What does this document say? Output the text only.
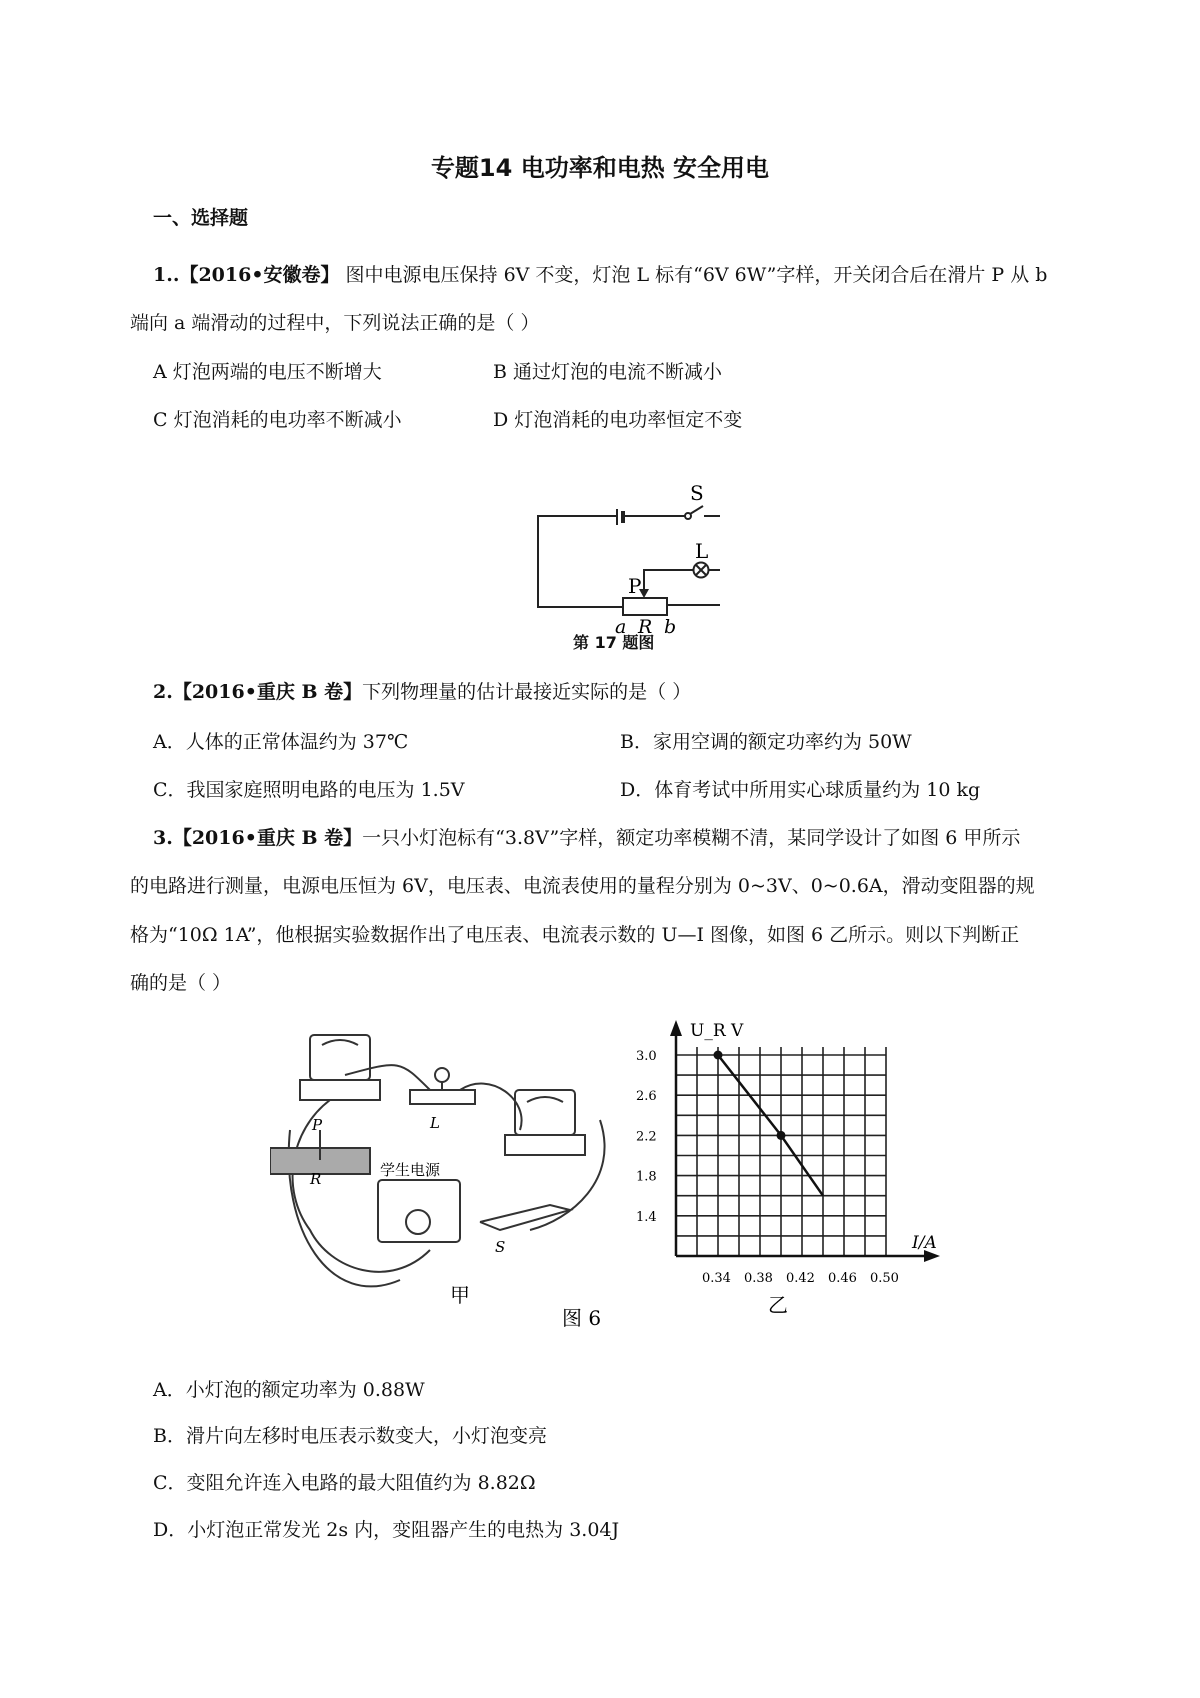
专题14 电功率和电热 安全用电
一、选择题
1..【2016•安徽卷】 图中电源电压保持 6V 不变，灯泡 L 标有“6V 6W”字样，开关闭合后在滑片 P 从 b
端向 a 端滑动的过程中，下列说法正确的是（ ）
A 灯泡两端的电压不断增大	B 通过灯泡的电流不断减小
C 灯泡消耗的电功率不断减小	D 灯泡消耗的电功率恒定不变
S
L
P
a R b
第 17 题图
2.【2016•重庆 B 卷】下列物理量的估计最接近实际的是（ ）
A．人体的正常体温约为 37℃	B．家用空调的额定功率约为 50W
C．我国家庭照明电路的电压为 1.5V	D．体育考试中所用实心球质量约为 10 kg
3.【2016•重庆 B 卷】一只小灯泡标有“3.8V”字样，额定功率模糊不清，某同学设计了如图 6 甲所示
的电路进行测量，电源电压恒为 6V，电压表、电流表使用的量程分别为 0~3V、0~0.6A，滑动变阻器的规
格为“10Ω 1A”，他根据实验数据作出了电压表、电流表示数的 U—I 图像，如图 6 乙所示。则以下判断正
确的是（ ）
R
P	L
S
学生电源
甲
图 6
0.34 0.38 0.42 0.46 0.50
3.0
2.6
2.2
1.8
1.4
U_R V
I/A
乙
A．小灯泡的额定功率为 0.88W
B．滑片向左移时电压表示数变大，小灯泡变亮
C．变阻允许连入电路的最大阻值约为 8.82Ω
D．小灯泡正常发光 2s 内，变阻器产生的电热为 3.04J
